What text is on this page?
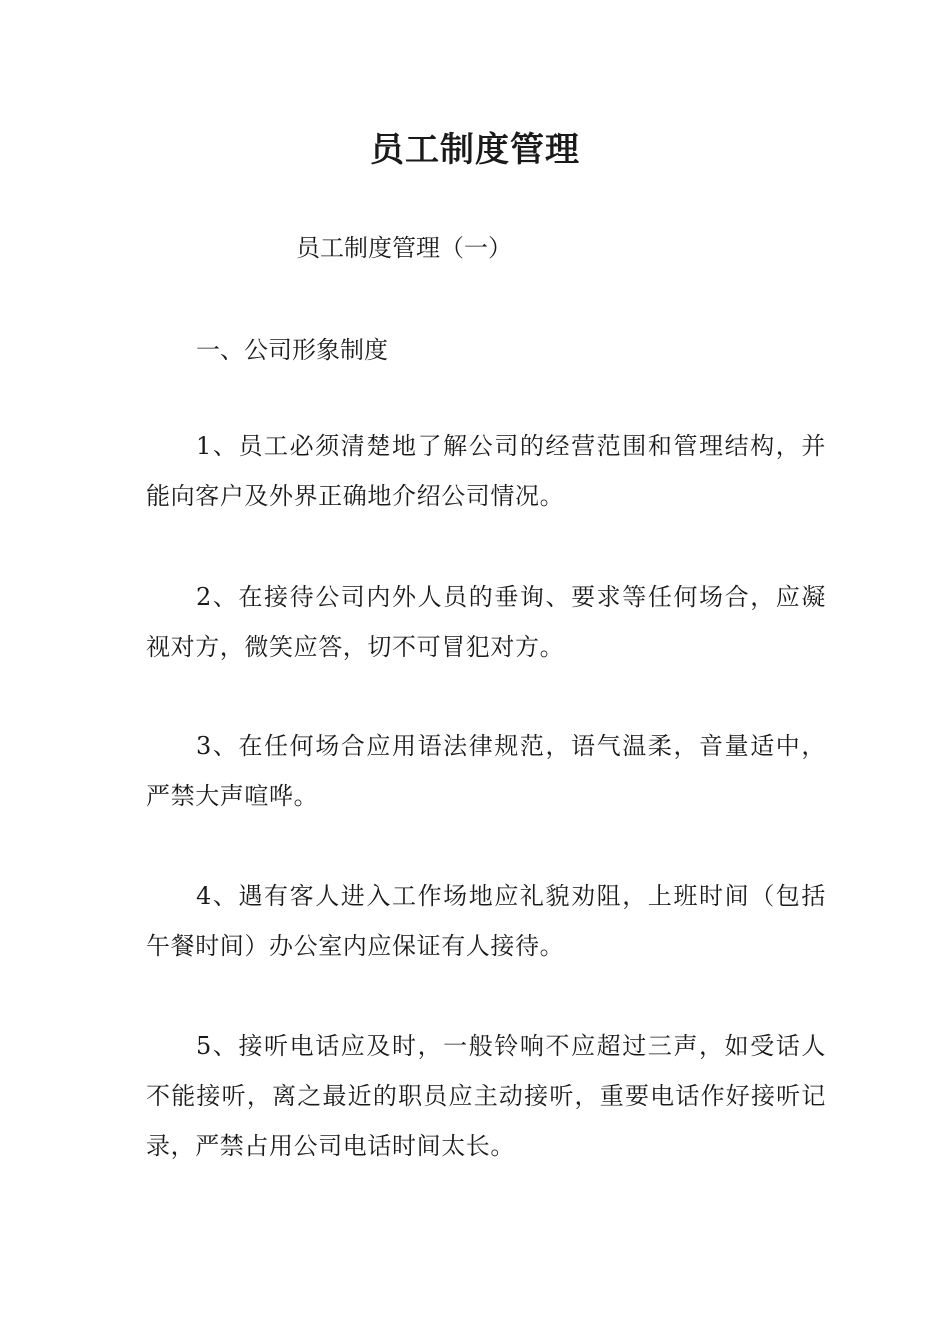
员工制度管理

员工制度管理（一）

一、公司形象制度

1、员工必须清楚地了解公司的经营范围和管理结构，并能向客户及外界正确地介绍公司情况。

2、在接待公司内外人员的垂询、要求等任何场合，应凝视对方，微笑应答，切不可冒犯对方。

3、在任何场合应用语法律规范，语气温柔，音量适中，严禁大声喧哗。

4、遇有客人进入工作场地应礼貌劝阻，上班时间（包括午餐时间）办公室内应保证有人接待。

5、接听电话应及时，一般铃响不应超过三声，如受话人不能接听，离之最近的职员应主动接听，重要电话作好接听记录，严禁占用公司电话时间太长。
